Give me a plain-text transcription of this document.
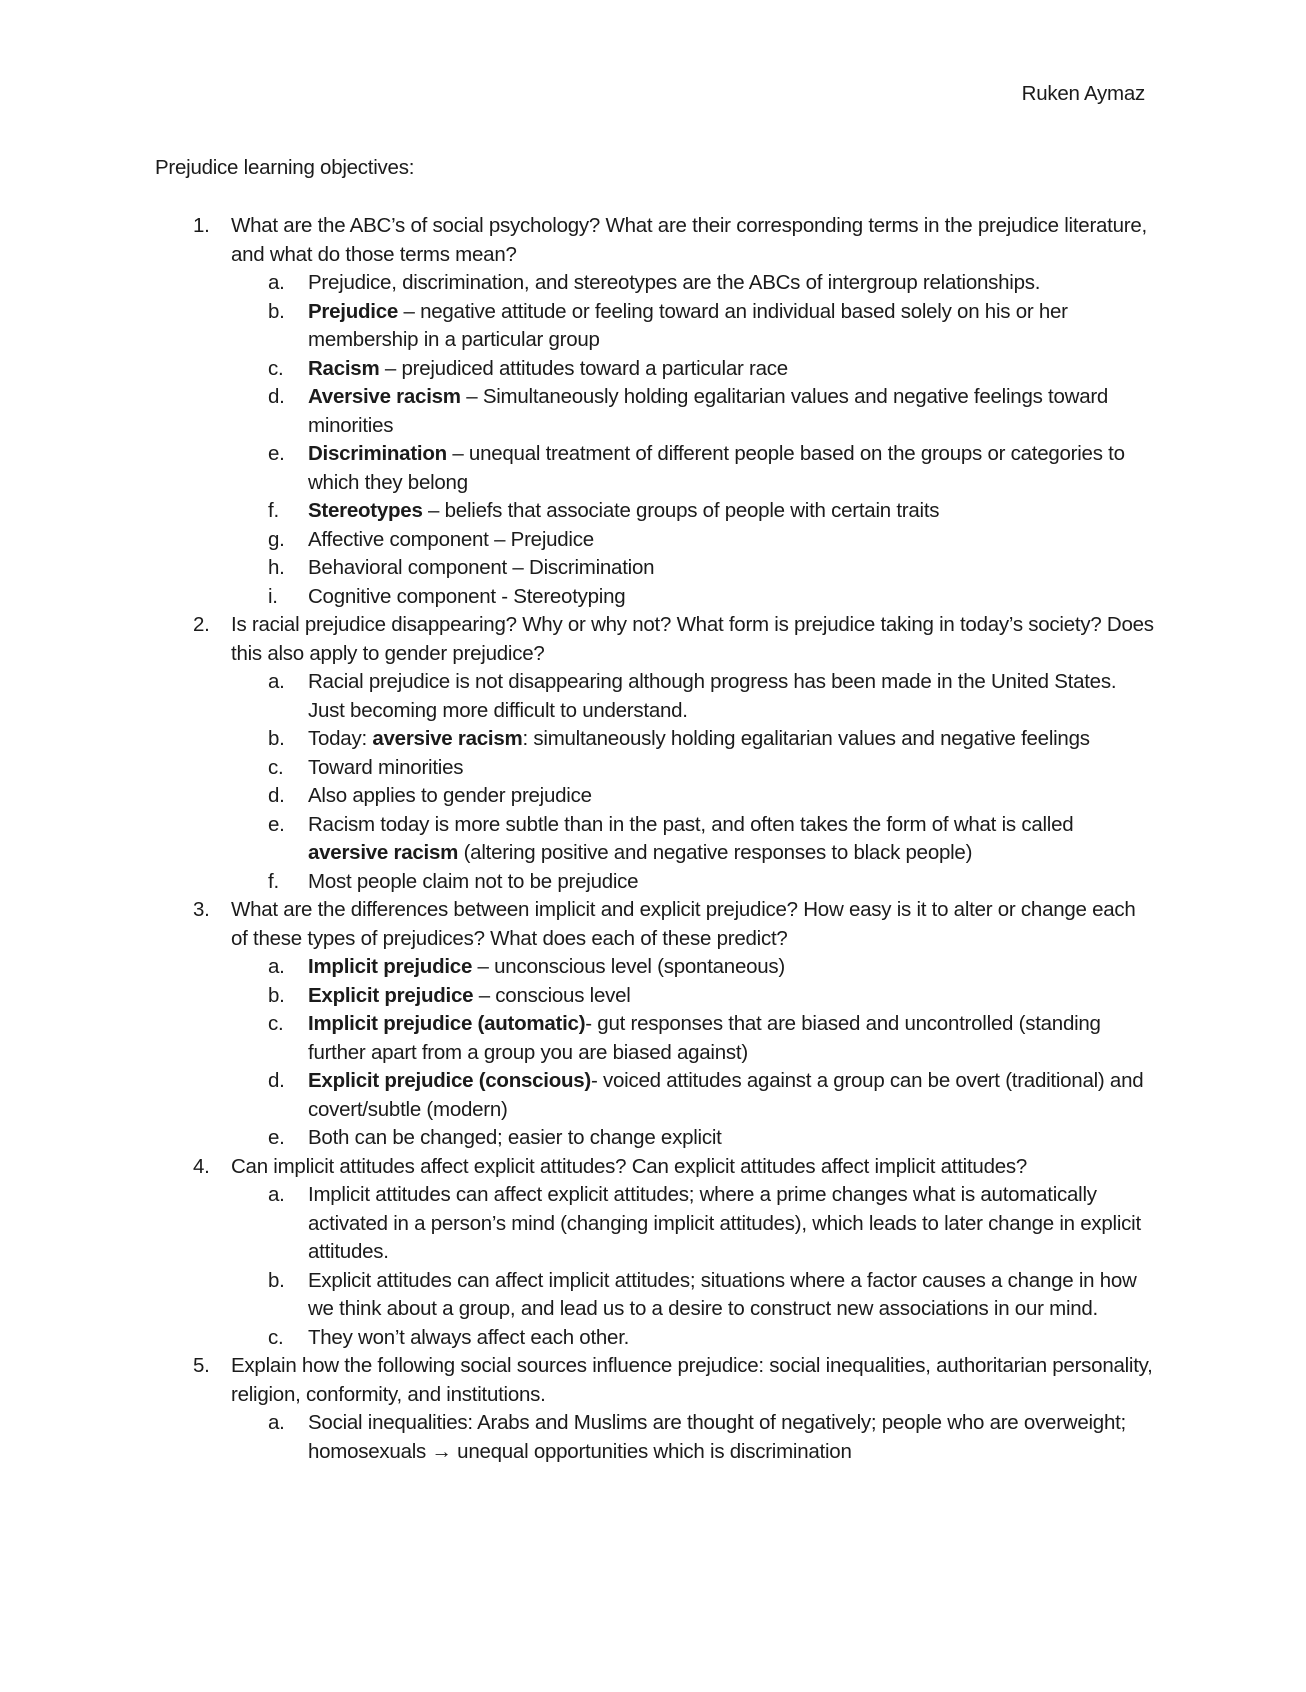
Ruken Aymaz

Prejudice learning objectives:

1. What are the ABC’s of social psychology? What are their corresponding terms in the prejudice literature, and what do those terms mean?
a. Prejudice, discrimination, and stereotypes are the ABCs of intergroup relationships.
b. Prejudice – negative attitude or feeling toward an individual based solely on his or her membership in a particular group
c. Racism – prejudiced attitudes toward a particular race
d. Aversive racism – Simultaneously holding egalitarian values and negative feelings toward minorities
e. Discrimination – unequal treatment of different people based on the groups or categories to which they belong
f. Stereotypes – beliefs that associate groups of people with certain traits
g. Affective component – Prejudice
h. Behavioral component – Discrimination
i. Cognitive component - Stereotyping
2. Is racial prejudice disappearing? Why or why not? What form is prejudice taking in today’s society? Does this also apply to gender prejudice?
a. Racial prejudice is not disappearing although progress has been made in the United States. Just becoming more difficult to understand.
b. Today: aversive racism: simultaneously holding egalitarian values and negative feelings
c. Toward minorities
d. Also applies to gender prejudice
e. Racism today is more subtle than in the past, and often takes the form of what is called aversive racism (altering positive and negative responses to black people)
f. Most people claim not to be prejudice
3. What are the differences between implicit and explicit prejudice? How easy is it to alter or change each of these types of prejudices? What does each of these predict?
a. Implicit prejudice – unconscious level (spontaneous)
b. Explicit prejudice – conscious level
c. Implicit prejudice (automatic)- gut responses that are biased and uncontrolled (standing further apart from a group you are biased against)
d. Explicit prejudice (conscious)- voiced attitudes against a group can be overt (traditional) and covert/subtle (modern)
e. Both can be changed; easier to change explicit
4. Can implicit attitudes affect explicit attitudes? Can explicit attitudes affect implicit attitudes?
a. Implicit attitudes can affect explicit attitudes; where a prime changes what is automatically activated in a person’s mind (changing implicit attitudes), which leads to later change in explicit attitudes.
b. Explicit attitudes can affect implicit attitudes; situations where a factor causes a change in how we think about a group, and lead us to a desire to construct new associations in our mind.
c. They won’t always affect each other.
5. Explain how the following social sources influence prejudice: social inequalities, authoritarian personality, religion, conformity, and institutions.
a. Social inequalities: Arabs and Muslims are thought of negatively; people who are overweight; homosexuals → unequal opportunities which is discrimination
